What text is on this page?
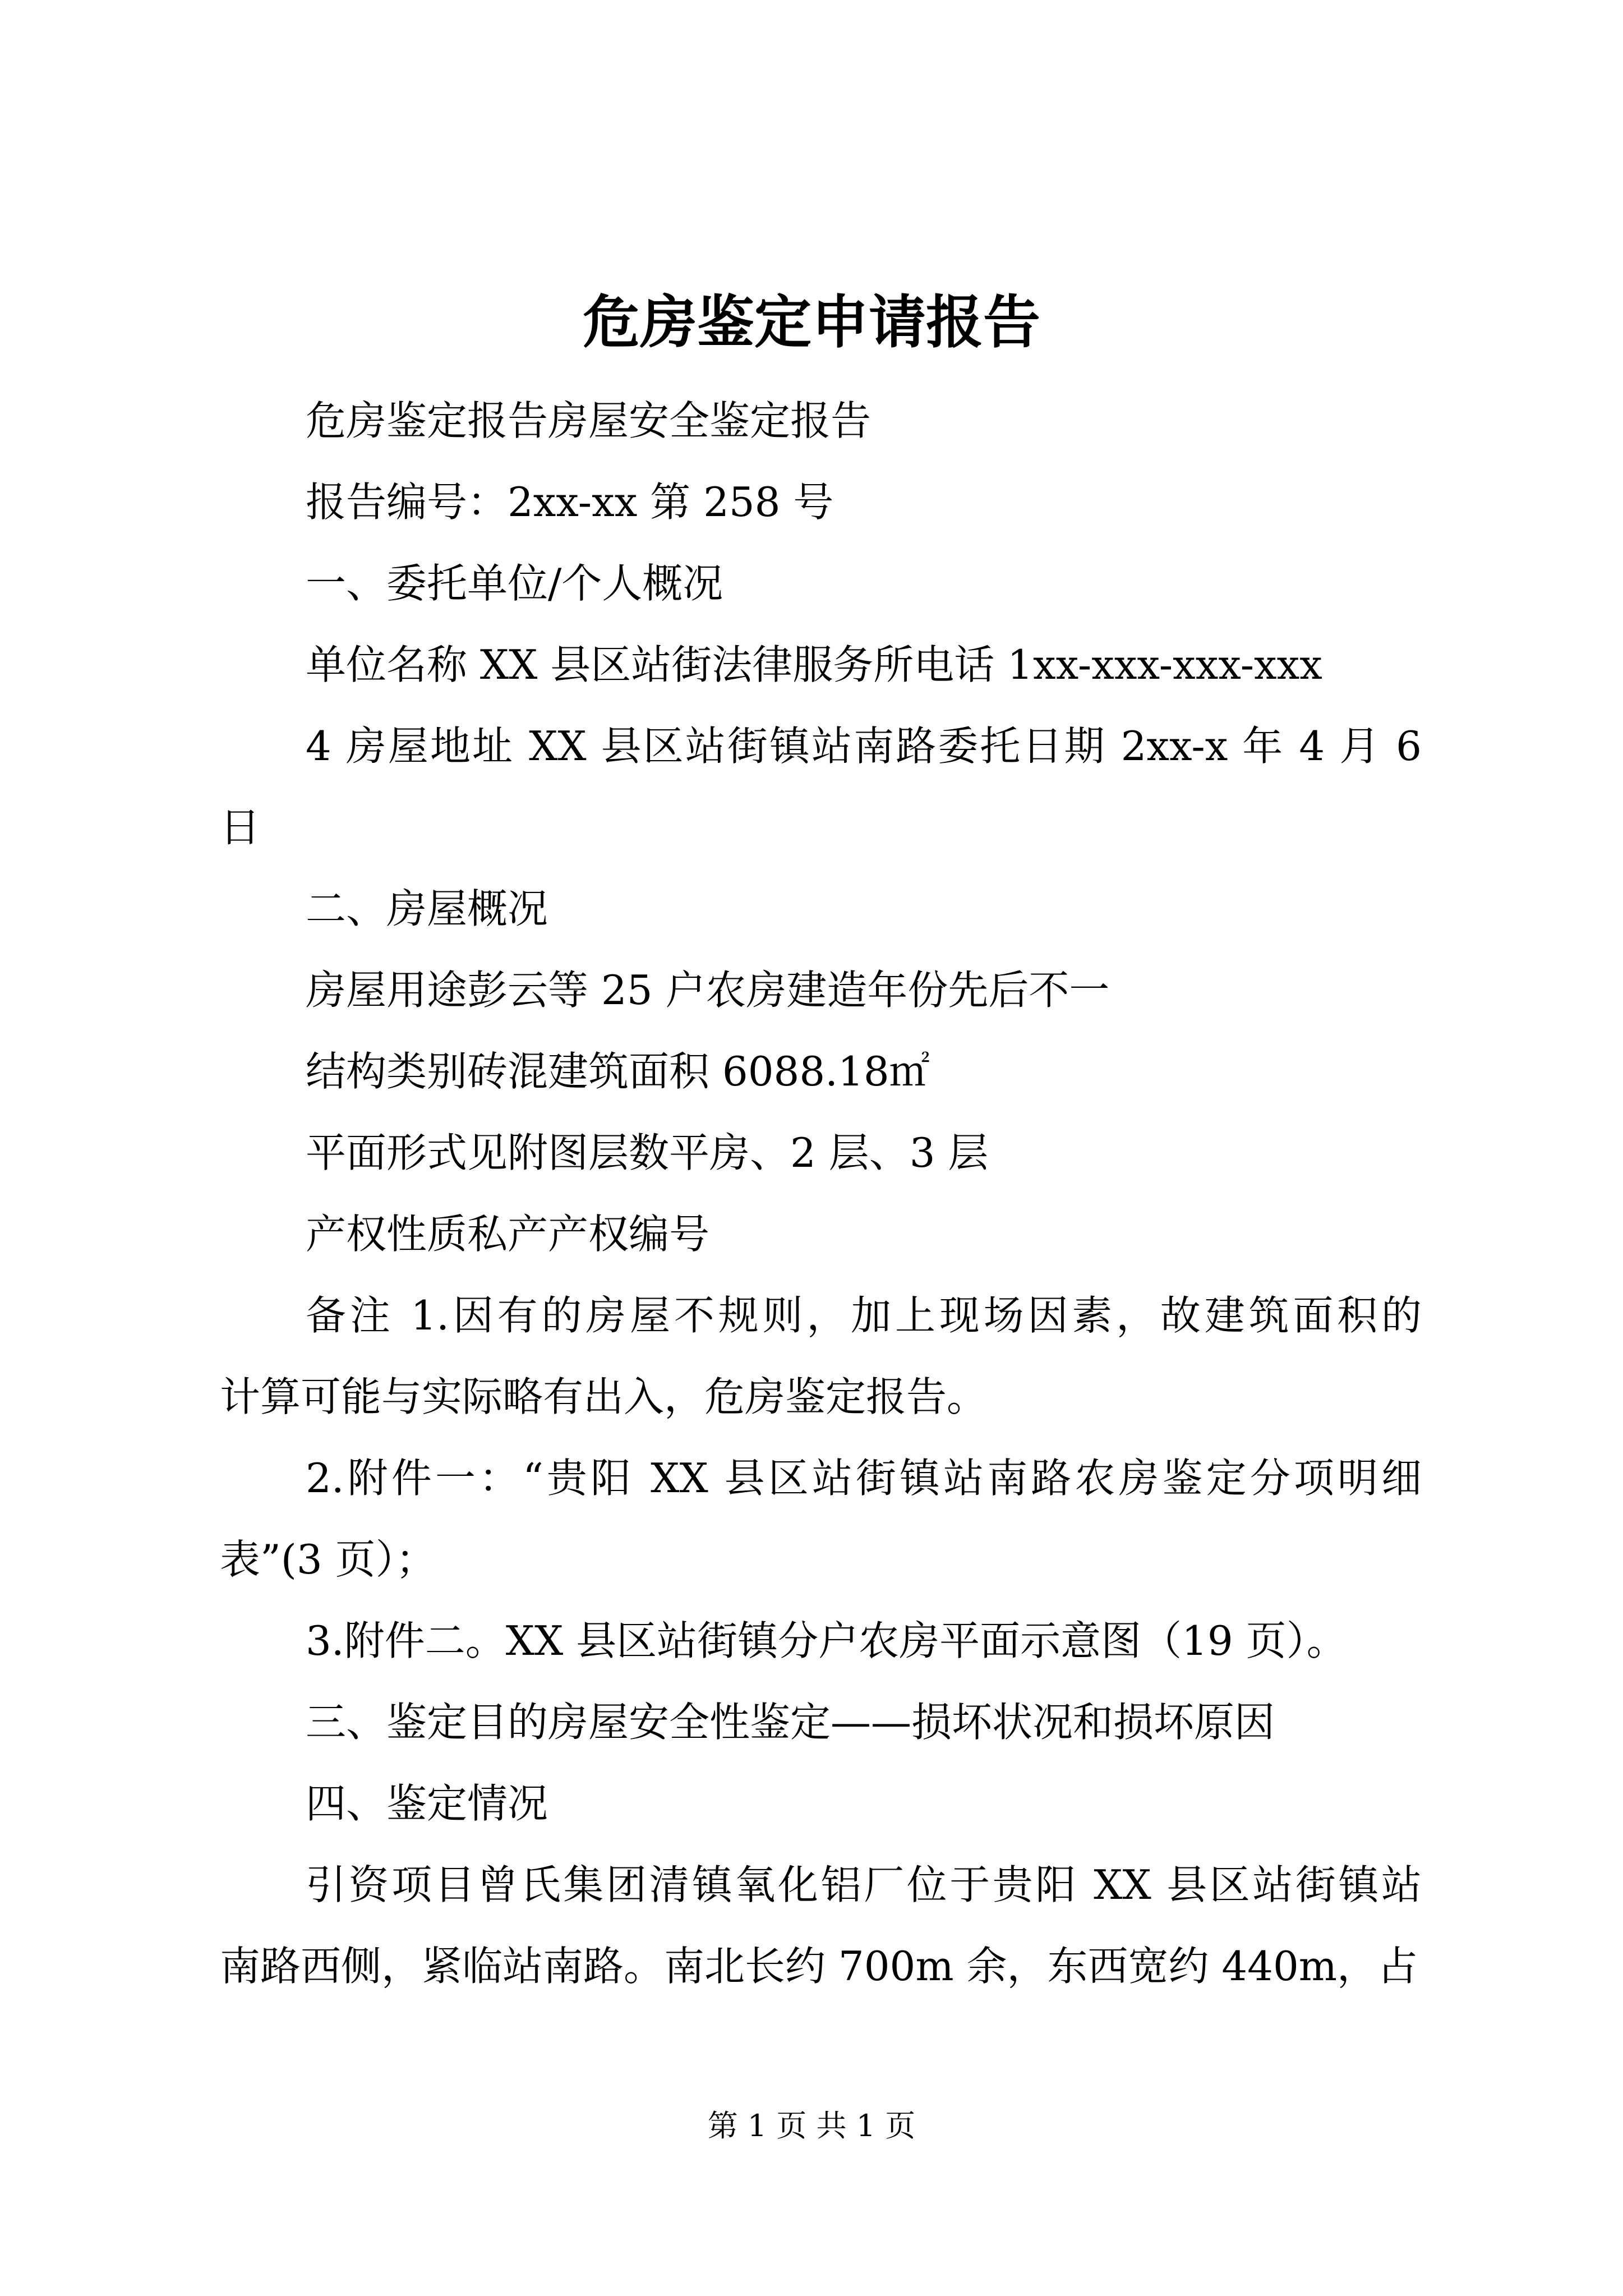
危房鉴定申请报告
危房鉴定报告房屋安全鉴定报告
报告编号：2xx-xx 第 258 号
一、委托单位/个人概况
单位名称 XX 县区站街法律服务所电话 1xx-xxx-xxx-xxx
4 房屋地址 XX 县区站街镇站南路委托日期 2xx-x 年 4 月 6
日
二、房屋概况
房屋用途彭云等 25 户农房建造年份先后不一
结构类别砖混建筑面积 6088.18㎡
平面形式见附图层数平房、2 层、3 层
产权性质私产产权编号
备注 1.因有的房屋不规则，加上现场因素，故建筑面积的
计算可能与实际略有出入，危房鉴定报告。
2.附件一：“贵阳 XX 县区站街镇站南路农房鉴定分项明细
表”(3 页）；
3.附件二。XX 县区站街镇分户农房平面示意图（19 页）。
三、鉴定目的房屋安全性鉴定——损坏状况和损坏原因
四、鉴定情况
引资项目曾氏集团清镇氧化铝厂位于贵阳 XX 县区站街镇站
南路西侧，紧临站南路。南北长约 700m 余，东西宽约 440m，占
第 1 页 共 1 页
